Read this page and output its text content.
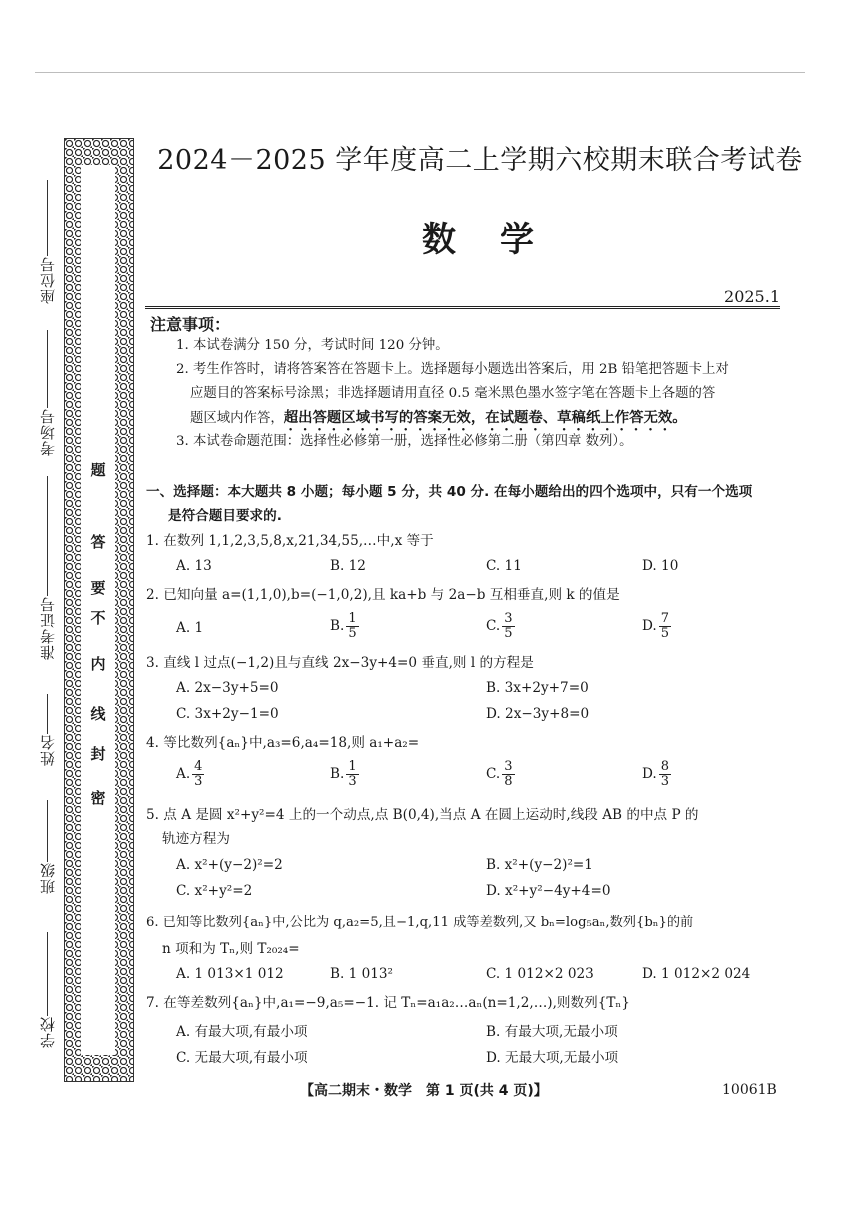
题
答
要
不
内
线
封
密
座位号
考场号
准考证号
姓名
班级
学校
2024－2025 学年度高二上学期六校期末联合考试卷
数学
2025.1
注意事项：
1. 本试卷满分 150 分，考试时间 120 分钟。
2. 考生作答时，请将答案答在答题卡上。选择题每小题选出答案后，用 2B 铅笔把答题卡上对
应题目的答案标号涂黑；非选择题请用直径 0.5 毫米黑色墨水签字笔在答题卡上各题的答
题区域内作答，超出答题区域书写的答案无效，在试题卷、草稿纸上作答无效。
3. 本试卷命题范围：选择性必修第一册，选择性必修第二册（第四章 数列）。
一、选择题：本大题共 8 小题；每小题 5 分，共 40 分. 在每小题给出的四个选项中，只有一个选项
是符合题目要求的.
1. 在数列 1,1,2,3,5,8,x,21,34,55,…中,x 等于
A. 13	B. 12	C. 11	D. 10
2. 已知向量 a=(1,1,0),b=(−1,0,2),且 ka+b 与 2a−b 互相垂直,则 k 的值是
A. 1	B. $\frac{1}{5}$	C. $\frac{3}{5}$	D. $\frac{7}{5}$
3. 直线 l 过点(−1,2)且与直线 2x−3y+4=0 垂直,则 l 的方程是
A. 2x−3y+5=0	B. 3x+2y+7=0
C. 3x+2y−1=0	D. 2x−3y+8=0
4. 等比数列{aₙ}中,a₃=6,a₄=18,则 a₁+a₂=
A. $\frac{4}{3}$	B. $\frac{1}{3}$	C. $\frac{3}{8}$	D. $\frac{8}{3}$
5. 点 A 是圆 x²+y²=4 上的一个动点,点 B(0,4),当点 A 在圆上运动时,线段 AB 的中点 P 的
轨迹方程为
A. x²+(y−2)²=2	B. x²+(y−2)²=1
C. x²+y²=2	D. x²+y²−4y+4=0
6. 已知等比数列{aₙ}中,公比为 q,a₂=5,且−1,q,11 成等差数列,又 bₙ=log₅aₙ,数列{bₙ}的前
n 项和为 Tₙ,则 T₂₀₂₄=
A. 1 013×1 012	B. 1 013²	C. 1 012×2 023	D. 1 012×2 024
7. 在等差数列{aₙ}中,a₁=−9,a₅=−1. 记 Tₙ=a₁a₂…aₙ(n=1,2,…),则数列{Tₙ}
A. 有最大项,有最小项	B. 有最大项,无最小项
C. 无最大项,有最小项	D. 无最大项,无最小项
【高二期末・数学　第 1 页(共 4 页)】	10061B
